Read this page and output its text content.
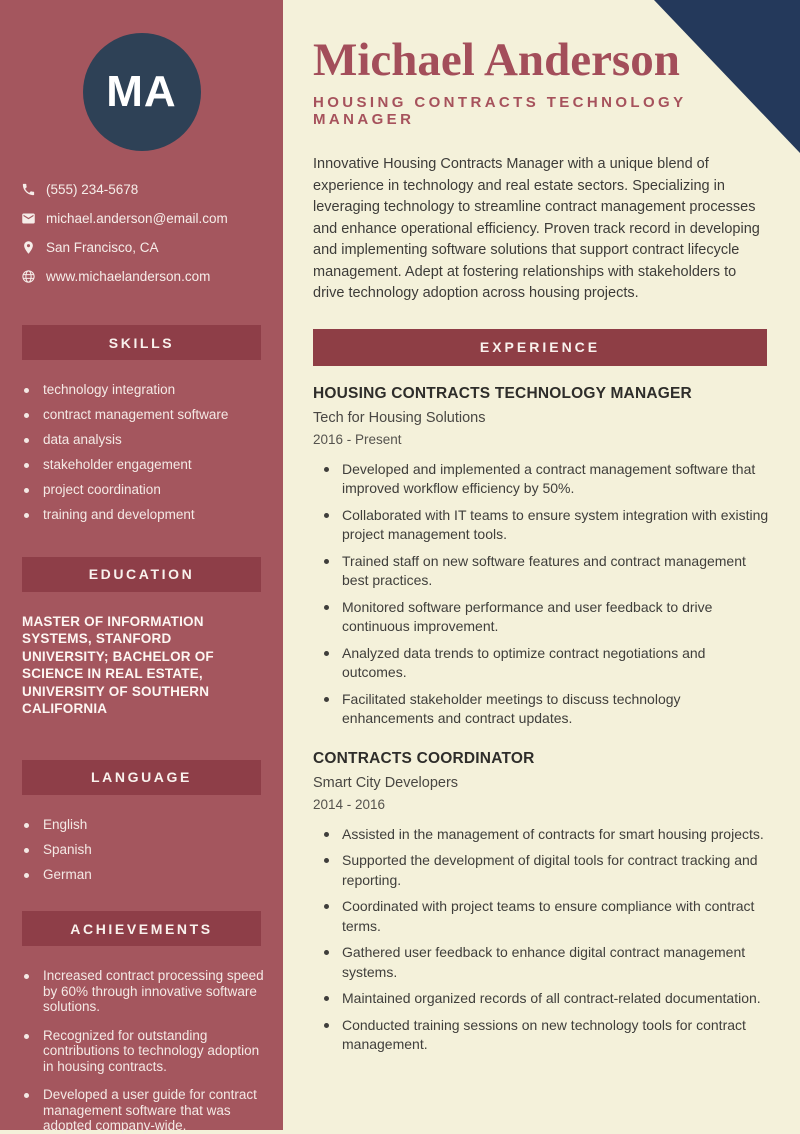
MA
(555) 234-5678
michael.anderson@email.com
San Francisco, CA
www.michaelanderson.com
SKILLS
technology integration
contract management software
data analysis
stakeholder engagement
project coordination
training and development
EDUCATION

MASTER OF INFORMATION SYSTEMS, STANFORD UNIVERSITY; BACHELOR OF SCIENCE IN REAL ESTATE, UNIVERSITY OF SOUTHERN CALIFORNIA

LANGUAGE
English
Spanish
German
ACHIEVEMENTS
Increased contract processing speed by 60% through innovative software solutions.
Recognized for outstanding contributions to technology adoption in housing contracts.
Developed a user guide for contract management software that was adopted company-wide.
Michael Anderson
HOUSING CONTRACTS TECHNOLOGY MANAGER

Innovative Housing Contracts Manager with a unique blend of experience in technology and real estate sectors. Specializing in leveraging technology to streamline contract management processes and enhance operational efficiency. Proven track record in developing and implementing software solutions that support contract lifecycle management. Adept at fostering relationships with stakeholders to drive technology adoption across housing projects.

EXPERIENCE
HOUSING CONTRACTS TECHNOLOGY MANAGER
Tech for Housing Solutions
2016 - Present
Developed and implemented a contract management software that improved workflow efficiency by 50%.
Collaborated with IT teams to ensure system integration with existing project management tools.
Trained staff on new software features and contract management best practices.
Monitored software performance and user feedback to drive continuous improvement.
Analyzed data trends to optimize contract negotiations and outcomes.
Facilitated stakeholder meetings to discuss technology enhancements and contract updates.
CONTRACTS COORDINATOR
Smart City Developers
2014 - 2016
Assisted in the management of contracts for smart housing projects.
Supported the development of digital tools for contract tracking and reporting.
Coordinated with project teams to ensure compliance with contract terms.
Gathered user feedback to enhance digital contract management systems.
Maintained organized records of all contract-related documentation.
Conducted training sessions on new technology tools for contract management.
